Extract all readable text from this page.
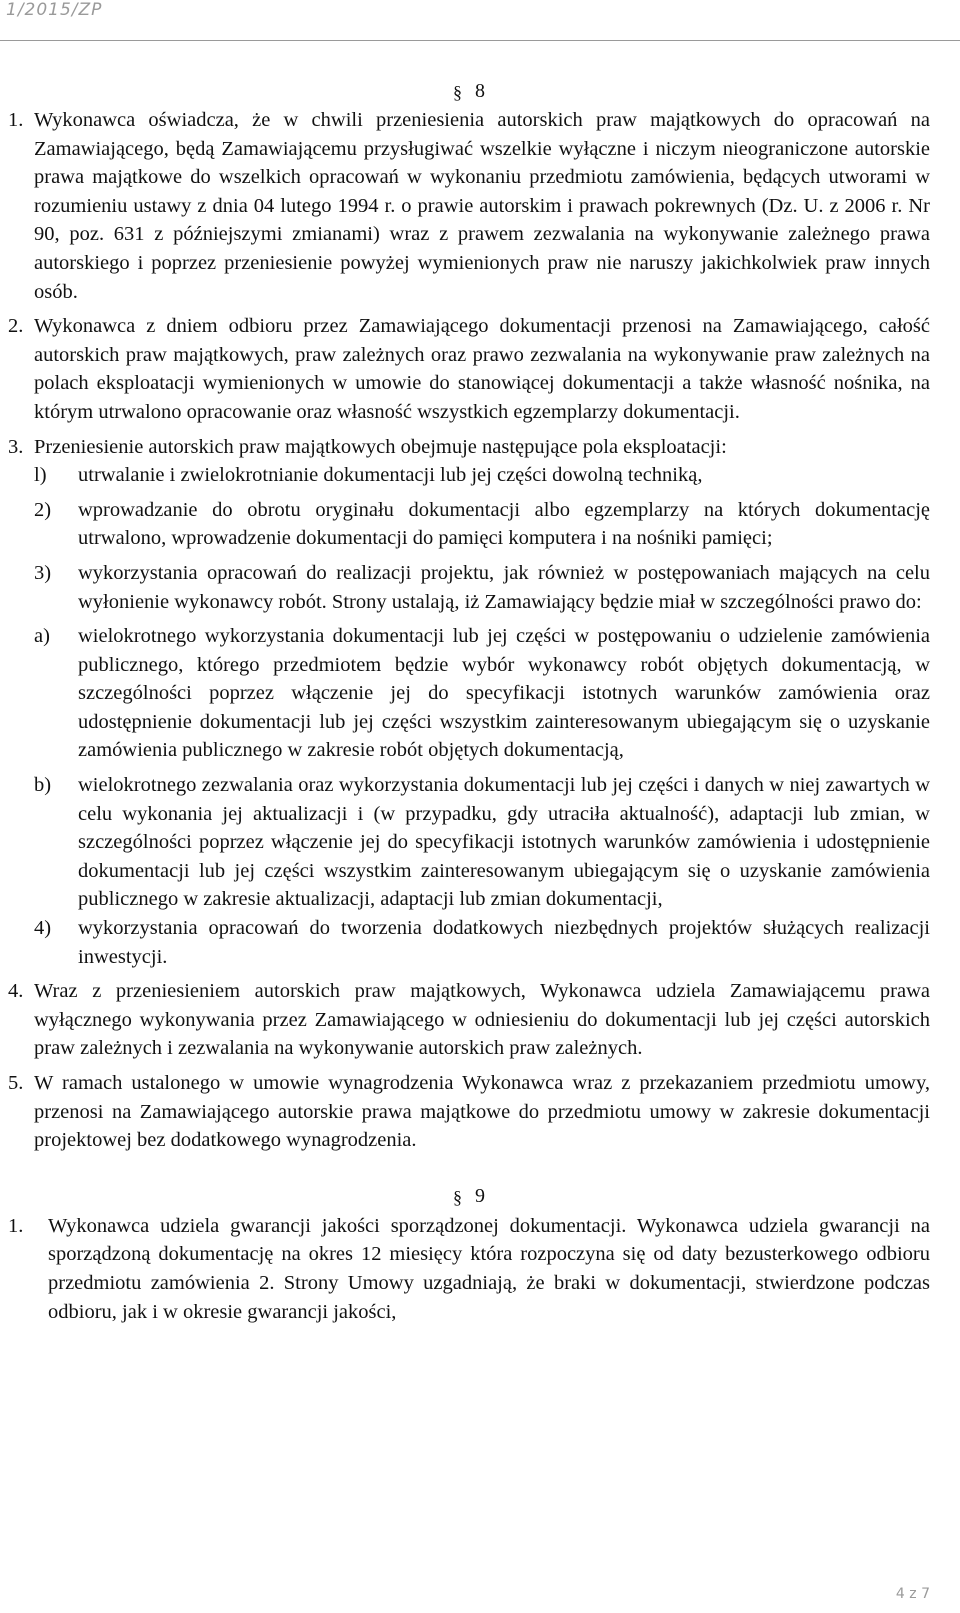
1/2015/ZP
§ 8
1. Wykonawca oświadcza, że w chwili przeniesienia autorskich praw majątkowych do opracowań na Zamawiającego, będą Zamawiającemu przysługiwać wszelkie wyłączne i niczym nieograniczone autorskie prawa majątkowe do wszelkich opracowań w wykonaniu przedmiotu zamówienia, będących utworami w rozumieniu ustawy z dnia 04 lutego 1994 r. o prawie autorskim i prawach pokrewnych (Dz. U. z 2006 r. Nr 90, poz. 631 z późniejszymi zmianami) wraz z prawem zezwalania na wykonywanie zależnego prawa autorskiego i poprzez przeniesienie powyżej wymienionych praw nie naruszy jakichkolwiek praw innych osób.

2. Wykonawca z dniem odbioru przez Zamawiającego dokumentacji przenosi na Zamawiającego, całość autorskich praw majątkowych, praw zależnych oraz prawo zezwalania na wykonywanie praw zależnych na polach eksploatacji wymienionych w umowie do stanowiącej dokumentacji a także własność nośnika, na którym utrwalono opracowanie oraz własność wszystkich egzemplarzy dokumentacji.

3. Przeniesienie autorskich praw majątkowych obejmuje następujące pola eksploatacji:

l) utrwalanie i zwielokrotnianie dokumentacji lub jej części dowolną techniką,

2) wprowadzanie do obrotu oryginału dokumentacji albo egzemplarzy na których dokumentację utrwalono, wprowadzenie dokumentacji do pamięci komputera i na nośniki pamięci;

3) wykorzystania opracowań do realizacji projektu, jak również w postępowaniach mających na celu wyłonienie wykonawcy robót. Strony ustalają, iż Zamawiający będzie miał w szczególności prawo do:

a) wielokrotnego wykorzystania dokumentacji lub jej części w postępowaniu o udzielenie zamówienia publicznego, którego przedmiotem będzie wybór wykonawcy robót objętych dokumentacją, w szczególności poprzez włączenie jej do specyfikacji istotnych warunków zamówienia oraz udostępnienie dokumentacji lub jej części wszystkim zainteresowanym ubiegającym się o uzyskanie zamówienia publicznego w zakresie robót objętych dokumentacją,

b) wielokrotnego zezwalania oraz wykorzystania dokumentacji lub jej części i danych w niej zawartych w celu wykonania jej aktualizacji i (w przypadku, gdy utraciła aktualność), adaptacji lub zmian, w szczególności poprzez włączenie jej do specyfikacji istotnych warunków zamówienia i udostępnienie dokumentacji lub jej części wszystkim zainteresowanym ubiegającym się o uzyskanie zamówienia publicznego w zakresie aktualizacji, adaptacji lub zmian dokumentacji,

4) wykorzystania opracowań do tworzenia dodatkowych niezbędnych projektów służących realizacji inwestycji.

4. Wraz z przeniesieniem autorskich praw majątkowych, Wykonawca udziela Zamawiającemu prawa wyłącznego wykonywania przez Zamawiającego w odniesieniu do dokumentacji lub jej części autorskich praw zależnych i zezwalania na wykonywanie autorskich praw zależnych.

5. W ramach ustalonego w umowie wynagrodzenia Wykonawca wraz z przekazaniem przedmiotu umowy, przenosi na Zamawiającego autorskie prawa majątkowe do przedmiotu umowy w zakresie dokumentacji projektowej bez dodatkowego wynagrodzenia.

§ 9
1. Wykonawca udziela gwarancji jakości sporządzonej dokumentacji. Wykonawca udziela gwarancji na sporządzoną dokumentację na okres 12 miesięcy która rozpoczyna się od daty bezusterkowego odbioru przedmiotu zamówienia 2. Strony Umowy uzgadniają, że braki w dokumentacji, stwierdzone podczas odbioru, jak i w okresie gwarancji jakości,

4 z 7
